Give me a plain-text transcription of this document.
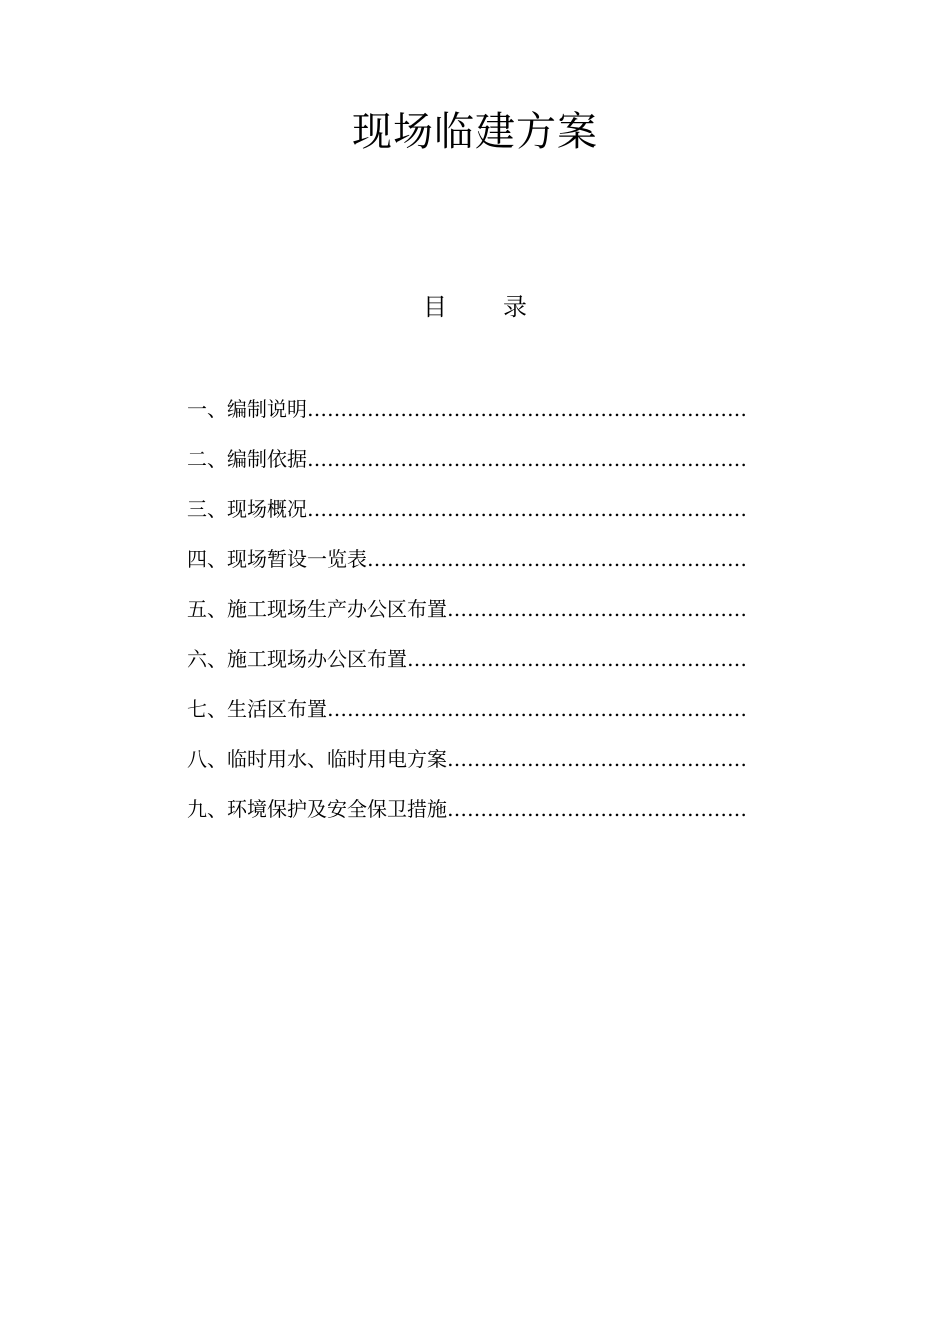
现场临建方案
目 录
一、编制说明
……………………………………………………………………………………………………………………
二、编制依据
……………………………………………………………………………………………………………………
三、现场概况
……………………………………………………………………………………………………………………
四、现场暂设一览表
……………………………………………………………………………………………………………………
五、施工现场生产办公区布置
……………………………………………………………………………………………………………………
六、施工现场办公区布置
……………………………………………………………………………………………………………………
七、生活区布置
……………………………………………………………………………………………………………………
八、临时用水、临时用电方案
……………………………………………………………………………………………………………………
九、环境保护及安全保卫措施
……………………………………………………………………………………………………………………
